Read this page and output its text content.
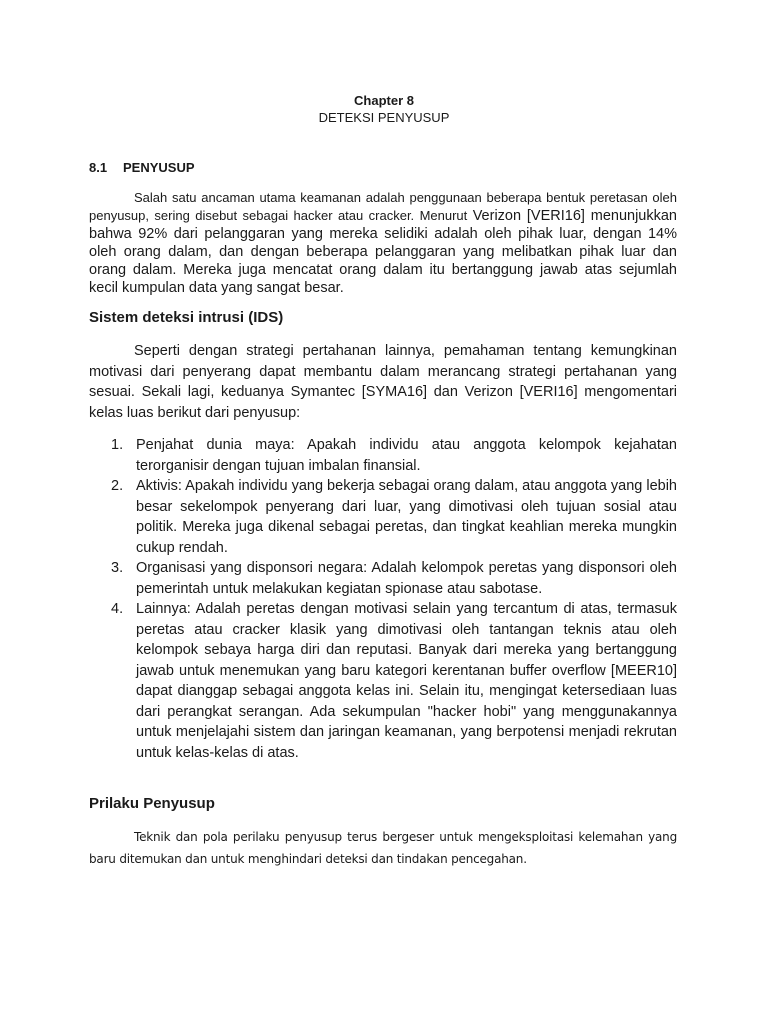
Chapter 8
DETEKSI PENYUSUP
8.1 PENYUSUP

Salah satu ancaman utama keamanan adalah penggunaan beberapa bentuk peretasan oleh penyusup, sering disebut sebagai hacker atau cracker. Menurut Verizon [VERI16] menunjukkan bahwa 92% dari pelanggaran yang mereka selidiki adalah oleh pihak luar, dengan 14% oleh orang dalam, dan dengan beberapa pelanggaran yang melibatkan pihak luar dan orang dalam. Mereka juga mencatat orang dalam itu bertanggung jawab atas sejumlah kecil kumpulan data yang sangat besar.

Sistem deteksi intrusi (IDS)

Seperti dengan strategi pertahanan lainnya, pemahaman tentang kemungkinan motivasi dari penyerang dapat membantu dalam merancang strategi pertahanan yang sesuai. Sekali lagi, keduanya Symantec [SYMA16] dan Verizon [VERI16] mengomentari kelas luas berikut dari penyusup:

1. Penjahat dunia maya: Apakah individu atau anggota kelompok kejahatan terorganisir dengan tujuan imbalan finansial.
2. Aktivis: Apakah individu yang bekerja sebagai orang dalam, atau anggota yang lebih besar sekelompok penyerang dari luar, yang dimotivasi oleh tujuan sosial atau politik. Mereka juga dikenal sebagai peretas, dan tingkat keahlian mereka mungkin cukup rendah.
3. Organisasi yang disponsori negara: Adalah kelompok peretas yang disponsori oleh pemerintah untuk melakukan kegiatan spionase atau sabotase.
4. Lainnya: Adalah peretas dengan motivasi selain yang tercantum di atas, termasuk peretas atau cracker klasik yang dimotivasi oleh tantangan teknis atau oleh kelompok sebaya harga diri dan reputasi. Banyak dari mereka yang bertanggung jawab untuk menemukan yang baru kategori kerentanan buffer overflow [MEER10] dapat dianggap sebagai anggota kelas ini. Selain itu, mengingat ketersediaan luas dari perangkat serangan. Ada sekumpulan "hacker hobi" yang menggunakannya untuk menjelajahi sistem dan jaringan keamanan, yang berpotensi menjadi rekrutan untuk kelas-kelas di atas.
Prilaku Penyusup

Teknik dan pola perilaku penyusup terus bergeser untuk mengeksploitasi kelemahan yang baru ditemukan dan untuk menghindari deteksi dan tindakan pencegahan.
